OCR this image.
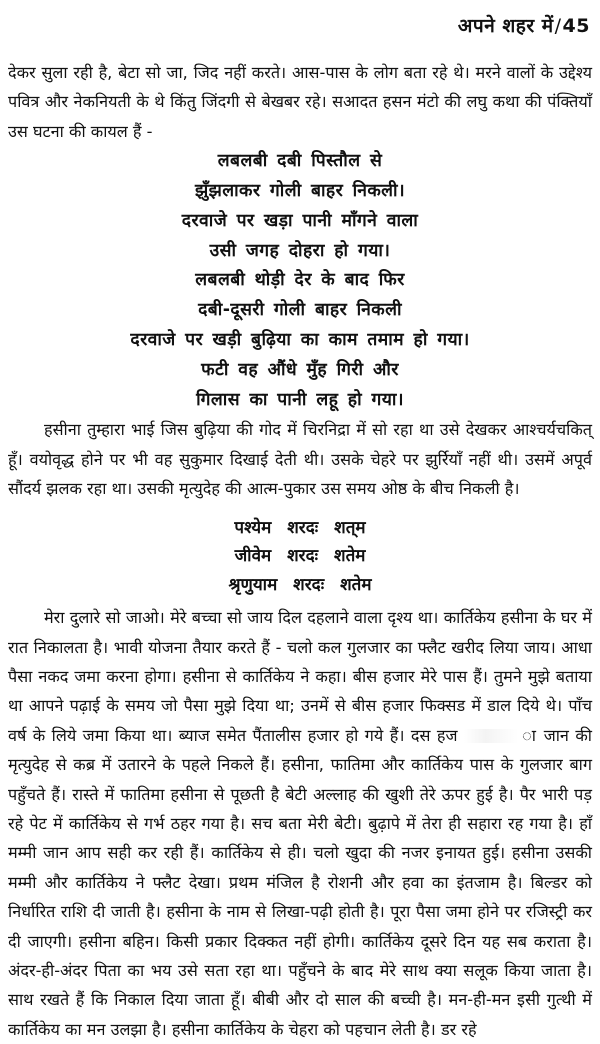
अपने शहर में/45

देकर सुला रही है, बेटा सो जा, जिद नहीं करते। आस-पास के लोग बता रहे थे। मरने वालों के उद्देश्य पवित्र और नेकनियती के थे किंतु जिंदगी से बेखबर रहे। सआदत हसन मंटो की लघु कथा की पंक्तियाँ उस घटना की कायल हैं -

लबलबी दबी पिस्तौल से

झुँझलाकर गोली बाहर निकली।

दरवाजे पर खड़ा पानी माँगने वाला

उसी जगह दोहरा हो गया।

लबलबी थोड़ी देर के बाद फिर

दबी-दूसरी गोली बाहर निकली

दरवाजे पर खड़ी बुढ़िया का काम तमाम हो गया।

फटी वह औंधे मुँह गिरी और

गिलास का पानी लहू हो गया।

हसीना तुम्हारा भाई जिस बुढ़िया की गोद में चिरनिद्रा में सो रहा था उसे देखकर आश्चर्यचकित् हूँ। वयोवृद्ध होने पर भी वह सुकुमार दिखाई देती थी। उसके चेहरे पर झुर्रियाँ नहीं थी। उसमें अपूर्व सौंदर्य झलक रहा था। उसकी मृत्युदेह की आत्म-पुकार उस समय ओष्ठ के बीच निकली है।

पश्येम शरदः शत्‌म

जीवेम शरदः शतेम

श्रृणुयाम शरदः शतेम

मेरा दुलारे सो जाओ। मेरे बच्चा सो जाय दिल दहलाने वाला दृश्य था। कार्तिकेय हसीना के घर में रात निकालता है। भावी योजना तैयार करते हैं - चलो कल गुलजार का फ्लैट खरीद लिया जाय। आधा पैसा नकद जमा करना होगा। हसीना से कार्तिकेय ने कहा। बीस हजार मेरे पास हैं। तुमने मुझे बताया था आपने पढ़ाई के समय जो पैसा मुझे दिया था; उनमें से बीस हजार फिक्सड में डाल दिये थे। पाँच वर्ष के लिये जमा किया था। ब्याज समेत पैंतालीस हजार हो गये हैं। दस हज	ा जान की मृत्युदेह से कब्र में उतारने के पहले निकले हैं। हसीना, फातिमा और कार्तिकेय पास के गुलजार बाग पहुँचते हैं। रास्ते में फातिमा हसीना से पूछती है बेटी अल्लाह की खुशी तेरे ऊपर हुई है। पैर भारी पड़ रहे पेट में कार्तिकेय से गर्भ ठहर गया है। सच बता मेरी बेटी। बुढ़ापे में तेरा ही सहारा रह गया है। हाँ मम्मी जान आप सही कर रही हैं। कार्तिकेय से ही। चलो खुदा की नजर इनायत हुई। हसीना उसकी मम्मी और कार्तिकेय ने फ्लैट देखा। प्रथम मंजिल है रोशनी और हवा का इंतजाम है। बिल्डर को निर्धारित राशि दी जाती है। हसीना के नाम से लिखा-पढ़ी होती है। पूरा पैसा जमा होने पर रजिस्ट्री कर दी जाएगी। हसीना बहिन। किसी प्रकार दिक्कत नहीं होगी। कार्तिकेय दूसरे दिन यह सब कराता है। अंदर-ही-अंदर पिता का भय उसे सता रहा था। पहुँचने के बाद मेरे साथ क्या सलूक किया जाता है। साथ रखते हैं कि निकाल दिया जाता हूँ। बीबी और दो साल की बच्ची है। मन-ही-मन इसी गुत्थी में कार्तिकेय का मन उलझा है। हसीना कार्तिकेय के चेहरा को पहचान लेती है। डर रहे
